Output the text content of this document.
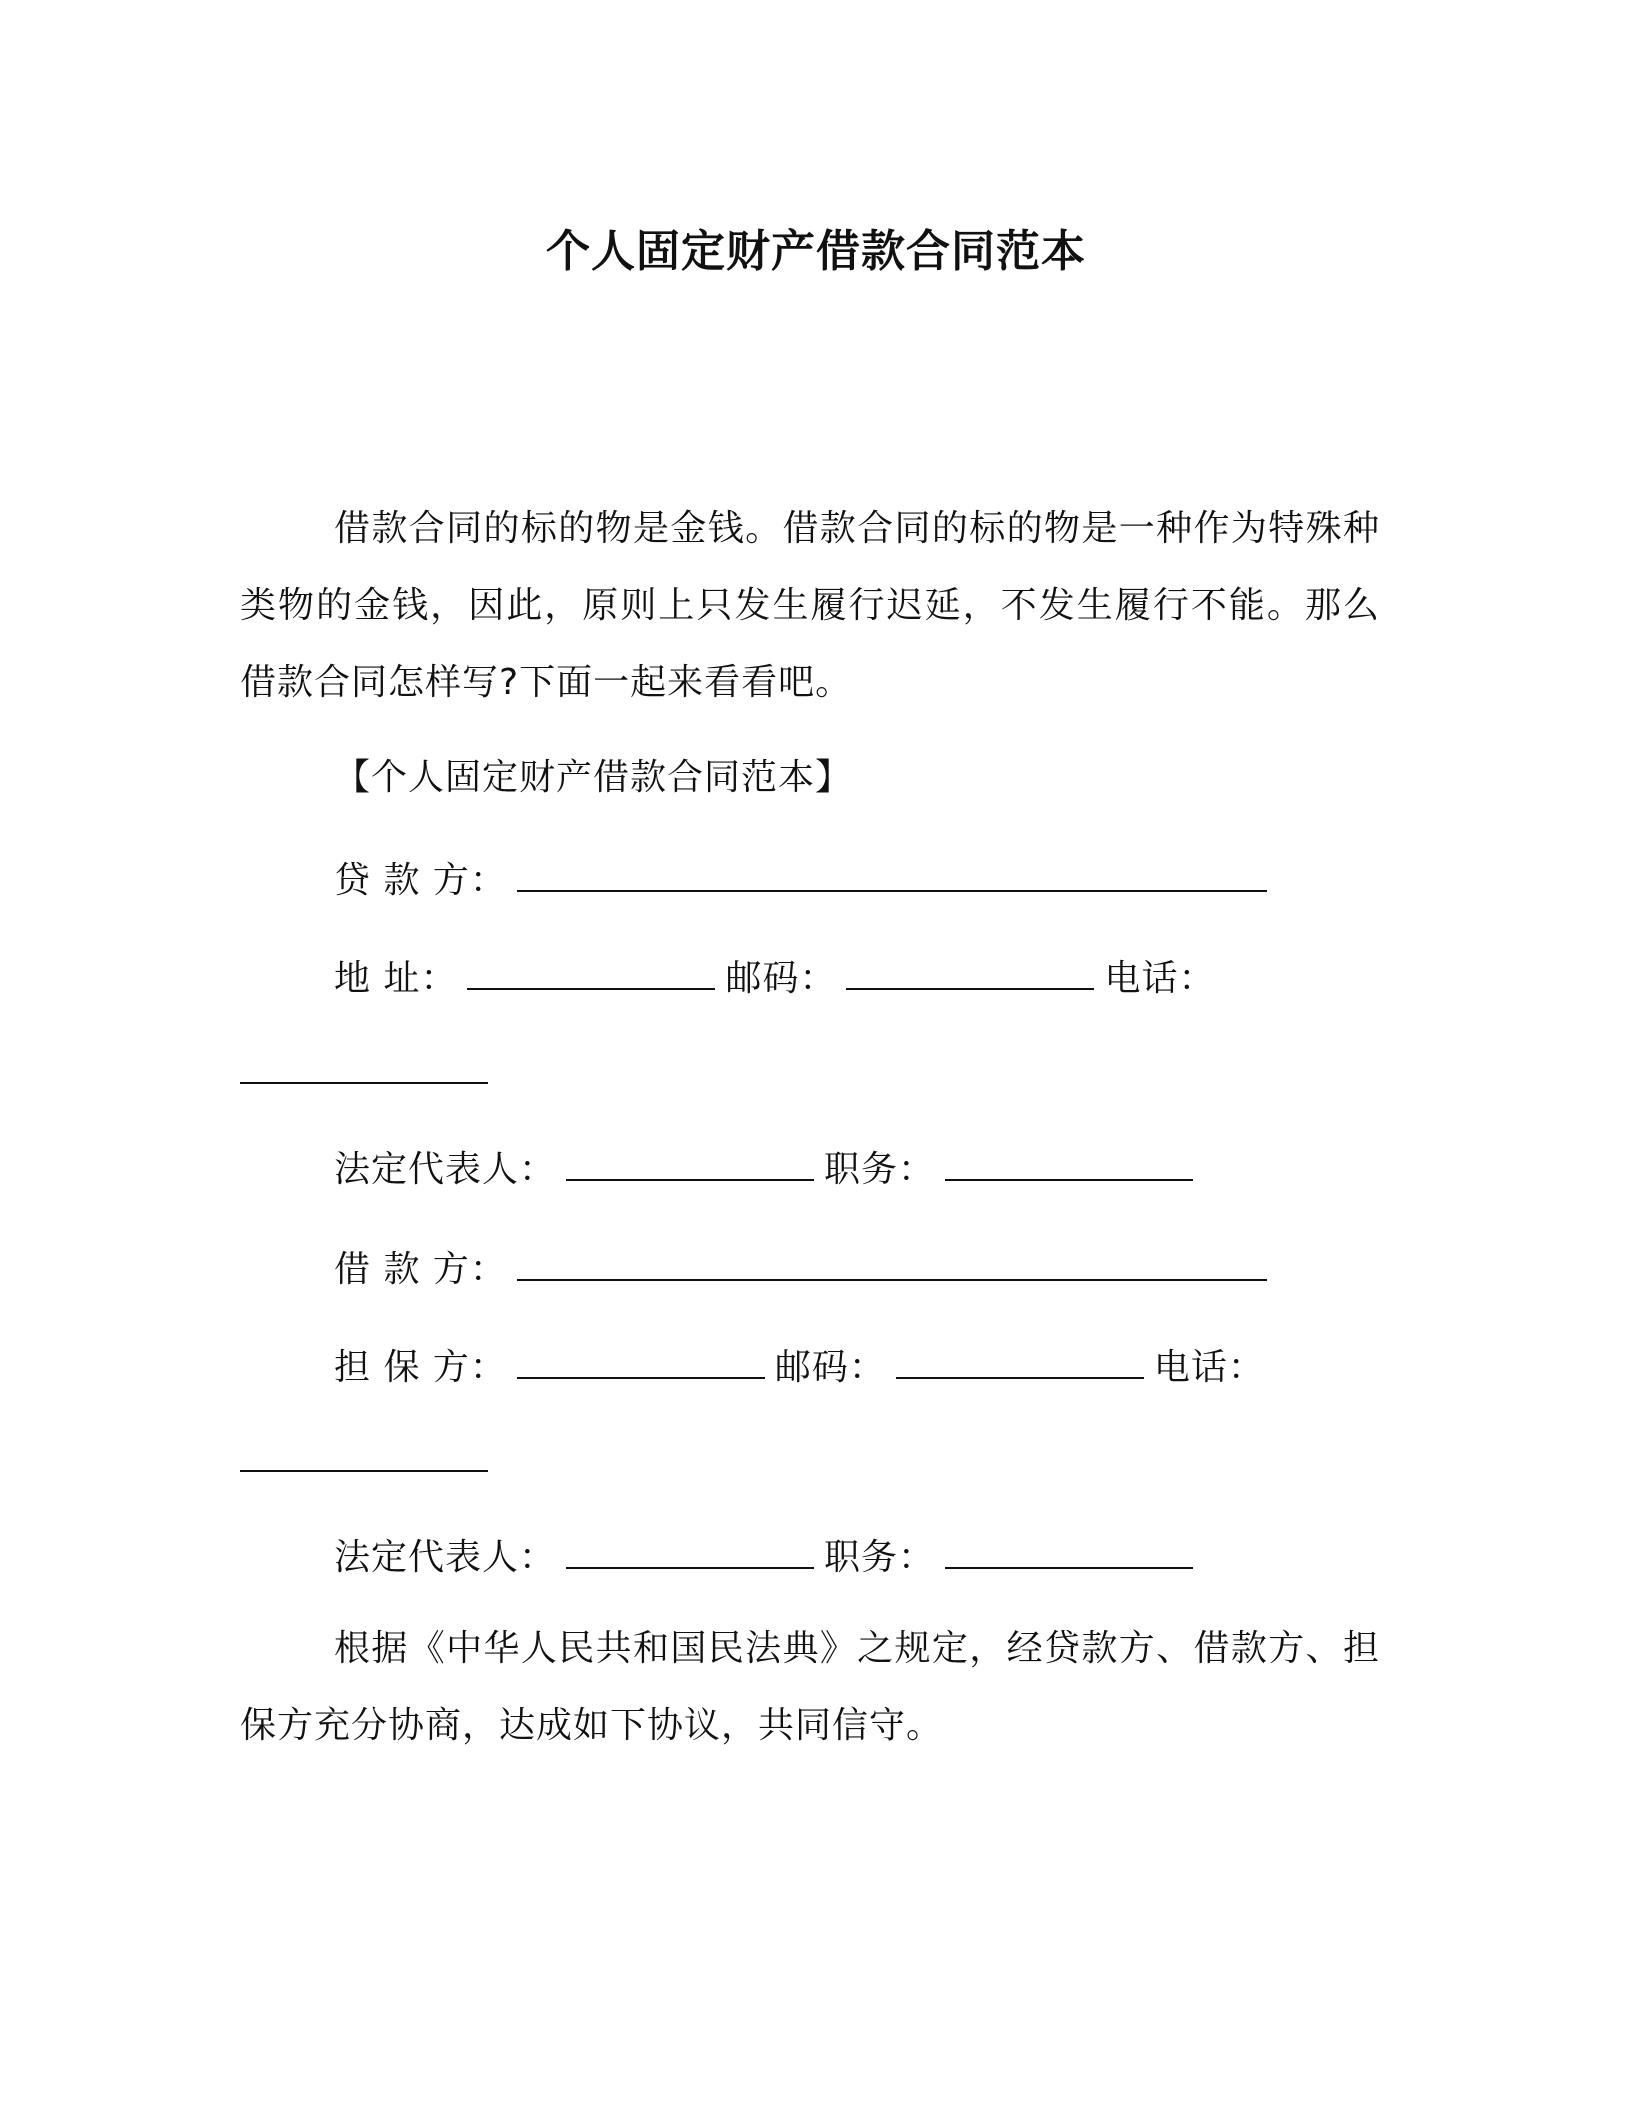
个人固定财产借款合同范本

借款合同的标的物是金钱。借款合同的标的物是一种作为特殊种类物的金钱，因此，原则上只发生履行迟延，不发生履行不能。那么借款合同怎样写?下面一起来看看吧。

【个人固定财产借款合同范本】
贷 款 方：
地 址：	邮码：	电话：
法定代表人：	职务：
借 款 方：
担 保 方：	邮码：	电话：
法定代表人：	职务：

根据《中华人民共和国民法典》之规定，经贷款方、借款方、担保方充分协商，达成如下协议，共同信守。
